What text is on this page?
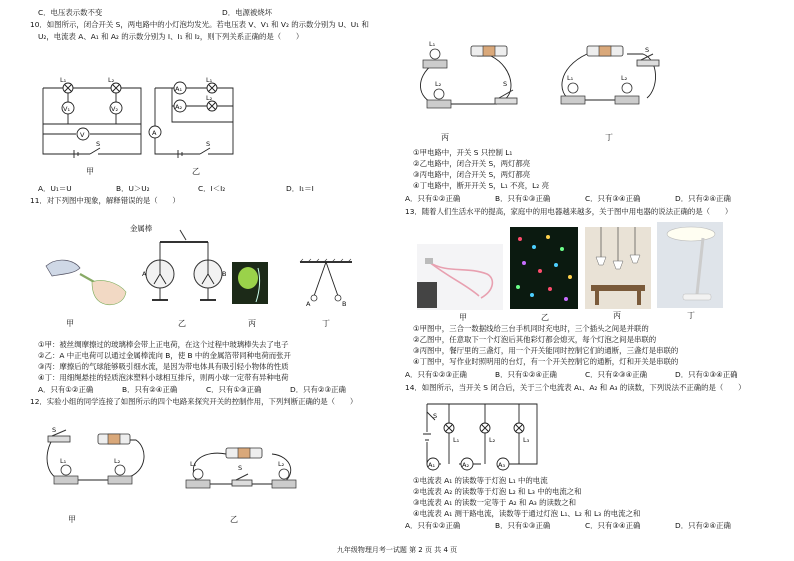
C．电压表示数不变	D．电源被烧坏
10．如图所示，闭合开关 S，两电路中的小灯泡均发光。若电压表 V、V₁ 和 V₂ 的示数分别为 U、U₁ 和
U₂，电流表 A、A₁ 和 A₂ 的示数分别为 I、I₁ 和 I₂，则下列关系正确的是（　　）
L₁	L₂
V₁	V₂
V
S
A₁
A₂
L₁
L₂
A
S
甲	乙
A．U₁＝U	B．U＞U₂	C．I＜I₂	D．I₁＝I
11．对下列图中现象，解释错误的是（　　）
金属棒
A	B
A	B
甲	乙	丙	丁
①甲：被丝绸摩擦过的玻璃棒会带上正电荷，在这个过程中玻璃棒失去了电子
②乙：A 中正电荷可以通过金属棒流向 B，使 B 中的金属箔带同种电荷而张开
③丙：摩擦后的气球能够吸引细水流，是因为带电体具有吸引轻小物体的性质
④丁：用细绳悬挂的轻质泡沫塑料小球相互排斥，则两小球一定带有异种电荷
A．只有①②正确	B．只有②④正确	C．只有①③正确	D．只有②③正确
12．实验小组的同学连接了如图所示的四个电路来探究开关的控制作用，下列判断正确的是（　　）
S
L₁	L₂	L₁	S	L₂
甲	乙
L₁
L₂	S
S
L₁	L₂
丙	丁
①甲电路中，开关 S 只控制 L₁
②乙电路中，闭合开关 S，两灯都亮
③丙电路中，闭合开关 S，两灯都亮
④丁电路中，断开开关 S，L₁ 不亮，L₂ 亮
A．只有①②正确	B．只有①③正确	C．只有③④正确	D．只有②④正确
13．随着人们生活水平的提高，家庭中的用电器越来越多，关于图中用电器的说法正确的是（　　）
甲	乙	丙	丁
①甲图中，三合一数据线给三台手机同时充电时，三个插头之间是并联的
②乙图中，任意取下一个灯泡后其他彩灯都会熄灭，每个灯泡之间是串联的
③丙图中，餐厅里的三盏灯，用一个开关能同时控制它们的通断，三盏灯是串联的
④丁图中，写作业时照明用的台灯，有一个开关控制它的通断，灯和开关是串联的
A．只有①②③正确	B．只有①②④正确	C．只有②③④正确	D．只有①③④正确
14．如图所示，当开关 S 闭合后，关于三个电流表 A₁、A₂ 和 A₃ 的读数，下列说法不正确的是（　　）
S
L₁	L₂	L₃
A₁	A₂	A₃
①电流表 A₁ 的读数等于灯泡 L₁ 中的电流
②电流表 A₂ 的读数等于灯泡 L₂ 和 L₃ 中的电流之和
③电流表 A₁ 的读数一定等于 A₂ 和 A₃ 的读数之和
④电流表 A₁ 测干路电流，读数等于通过灯泡 L₁、L₂ 和 L₃ 的电流之和
A．只有①②正确	B．只有①③正确	C．只有③④正确	D．只有②④正确
九年级物理月考一试题 第 2 页 共 4 页
